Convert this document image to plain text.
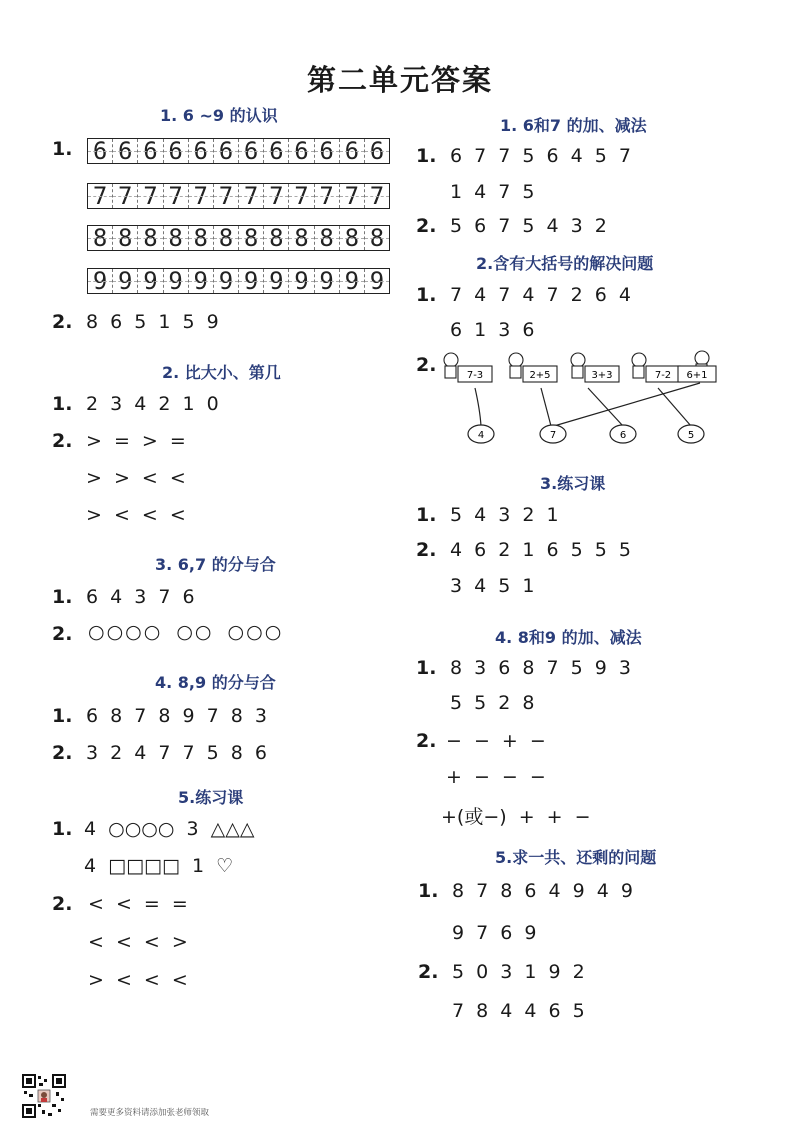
第二单元答案
1. 6 ~9 的认识
1. 6 6 6 6 6 6 6 6 6 6 6 6
7 7 7 7 7 7 7 7 7 7 7 7
8 8 8 8 8 8 8 8 8 8 8 8
9 9 9 9 9 9 9 9 9 9 9 9
2. 8 6 5 1 5 9
2. 比大小、第几
1. 2 3 4 2 1 0
2. > = > =
> > < <
> < < <
3. 6,7 的分与合
1. 6 4 3 7 6
2. ○○○○ ○○ ○○○
4. 8,9 的分与合
1. 6 8 7 8 9 7 8 3
2. 3 2 4 7 7 5 8 6
5.练习课
1. 4 ○○○○ 3 △△△
4 □□□□ 1 ♡
2. < < = =
< < < >
> < < <
1. 6和7 的加、减法
1. 6 7 7 5 6 4 5 7
1 4 7 5
2. 5 6 7 5 4 3 2
2.含有大括号的解决问题
1. 7 4 7 4 7 2 6 4
6 1 3 6
2.	7-3	2+5	3+3	7-2 6+1
4	7	6	5
3.练习课
1. 5 4 3 2 1
2. 4 6 2 1 6 5 5 5
3 4 5 1
4. 8和9 的加、减法
1. 8 3 6 8 7 5 9 3
5 5 2 8
2. − − + −
+ − − −
+(或−) + + −
5.求一共、还剩的问题
1. 8 7 8 6 4 9 4 9
9 7 6 9
2. 5 0 3 1 9 2
7 8 4 4 6 5
需要更多资料请添加张老师领取
